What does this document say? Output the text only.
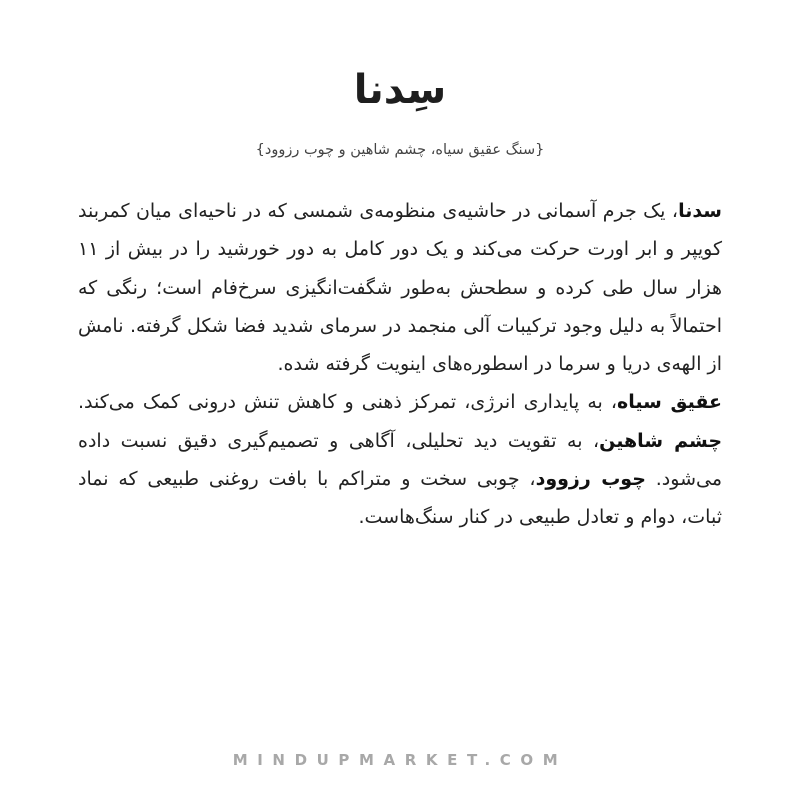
سِدنا
{سنگ عقیق سیاه، چشم شاهین و چوب رزوود}

سدنا، یک جرم آسمانی در حاشیه‌ی منظومه‌ی شمسی که در ناحیه‌ای میان کمربند کویپر و ابر اورت حرکت می‌کند و یک دور کامل به دور خورشید را در بیش از ۱۱ هزار سال طی کرده و سطحش به‌طور شگفت‌انگیزی سرخ‌فام است؛ رنگی که احتمالاً به دلیل وجود ترکیبات آلی منجمد در سرمای شدید فضا شکل گرفته. نامش از الهه‌ی دریا و سرما در اسطوره‌های اینویت گرفته شده.

عقیق سیاه، به پایداری انرژی، تمرکز ذهنی و کاهش تنش درونی کمک می‌کند. چشم شاهین، به تقویت دید تحلیلی، آگاهی و تصمیم‌گیری دقیق نسبت داده می‌شود. چوب رزوود، چوبی سخت و متراکم با بافت روغنی طبیعی که نماد ثبات، دوام و تعادل طبیعی در کنار سنگ‌هاست.

MINDUPMARKET.COM
